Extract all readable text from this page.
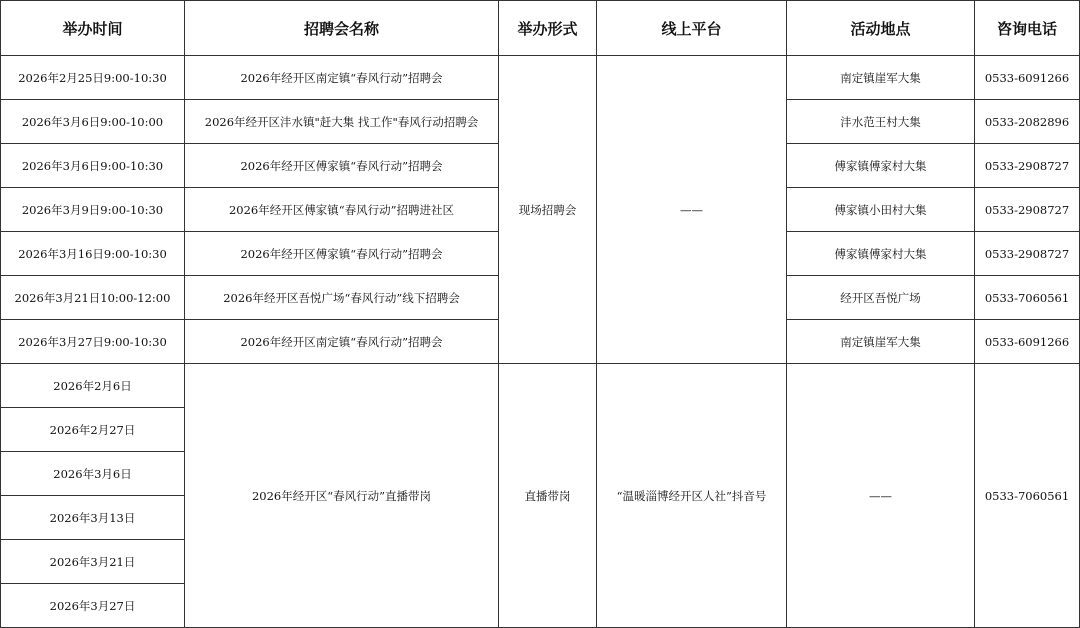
举办时间	招聘会名称	举办形式	线上平台	活动地点	咨询电话
2026年2月25日9:00-10:30	2026年经开区南定镇“春风行动”招聘会	现场招聘会	——	南定镇崖军大集	0533-6091266
2026年3月6日9:00-10:00	2026年经开区沣水镇"赶大集 找工作"春风行动招聘会			沣水范王村大集	0533-2082896
2026年3月6日9:00-10:30	2026年经开区傅家镇“春风行动”招聘会			傅家镇傅家村大集	0533-2908727
2026年3月9日9:00-10:30	2026年经开区傅家镇“春风行动”招聘进社区			傅家镇小田村大集	0533-2908727
2026年3月16日9:00-10:30	2026年经开区傅家镇“春风行动”招聘会			傅家镇傅家村大集	0533-2908727
2026年3月21日10:00-12:00	2026年经开区吾悦广场“春风行动”线下招聘会			经开区吾悦广场	0533-7060561
2026年3月27日9:00-10:30	2026年经开区南定镇“春风行动”招聘会			南定镇崖军大集	0533-6091266
2026年2月6日	2026年经开区“春风行动”直播带岗	直播带岗	“温暖淄博经开区人社”抖音号	——	0533-7060561
2026年2月27日					
2026年3月6日					
2026年3月13日					
2026年3月21日					
2026年3月27日					
